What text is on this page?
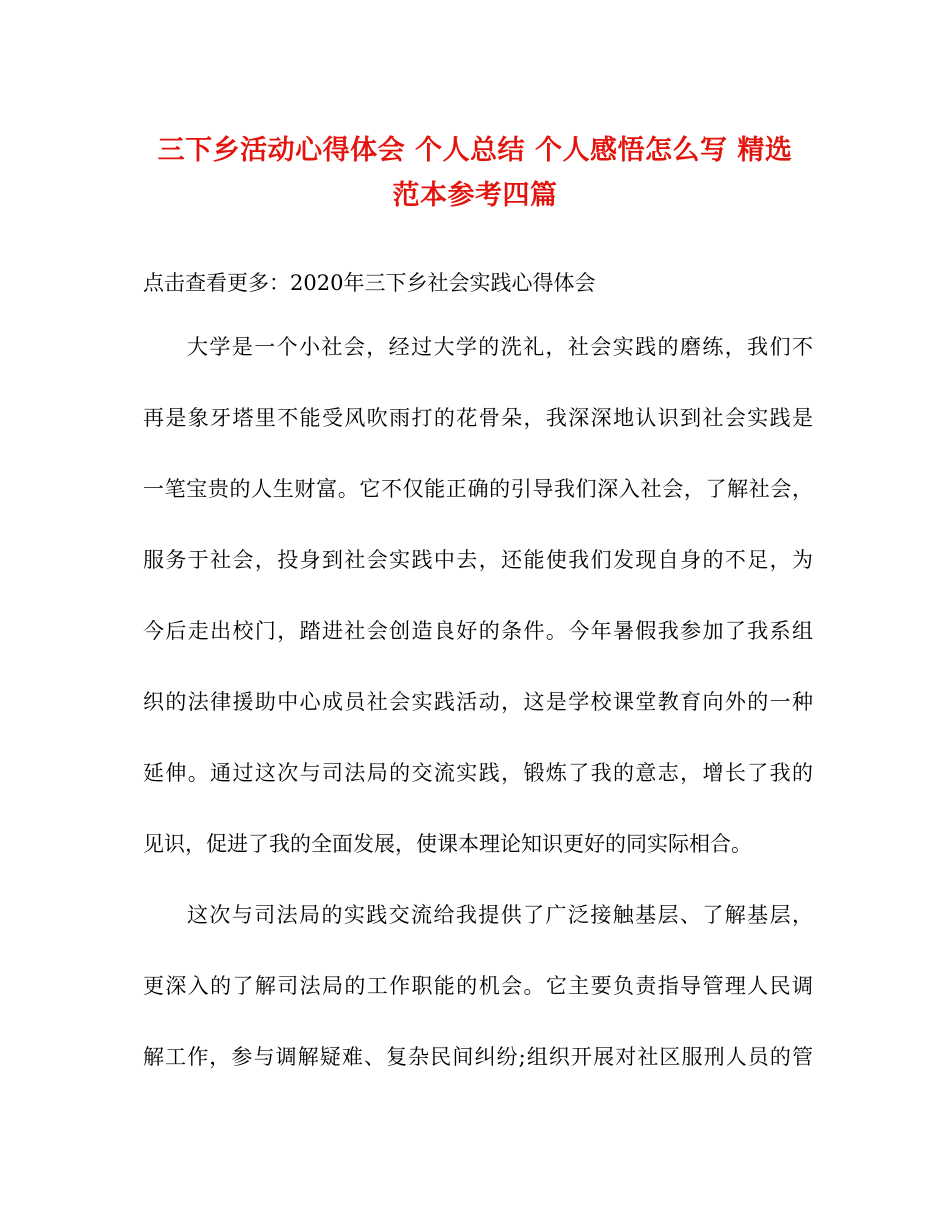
三下乡活动心得体会 个人总结 个人感悟怎么写 精选
范本参考四篇
点击查看更多：2020年三下乡社会实践心得体会
大学是一个小社会，经过大学的洗礼，社会实践的磨练，我们不
再是象牙塔里不能受风吹雨打的花骨朵，我深深地认识到社会实践是
一笔宝贵的人生财富。它不仅能正确的引导我们深入社会，了解社会，
服务于社会，投身到社会实践中去，还能使我们发现自身的不足，为
今后走出校门，踏进社会创造良好的条件。今年暑假我参加了我系组
织的法律援助中心成员社会实践活动，这是学校课堂教育向外的一种
延伸。通过这次与司法局的交流实践，锻炼了我的意志，增长了我的
见识，促进了我的全面发展，使课本理论知识更好的同实际相合。
这次与司法局的实践交流给我提供了广泛接触基层、了解基层，
更深入的了解司法局的工作职能的机会。它主要负责指导管理人民调
解工作，参与调解疑难、复杂民间纠纷;组织开展对社区服刑人员的管
